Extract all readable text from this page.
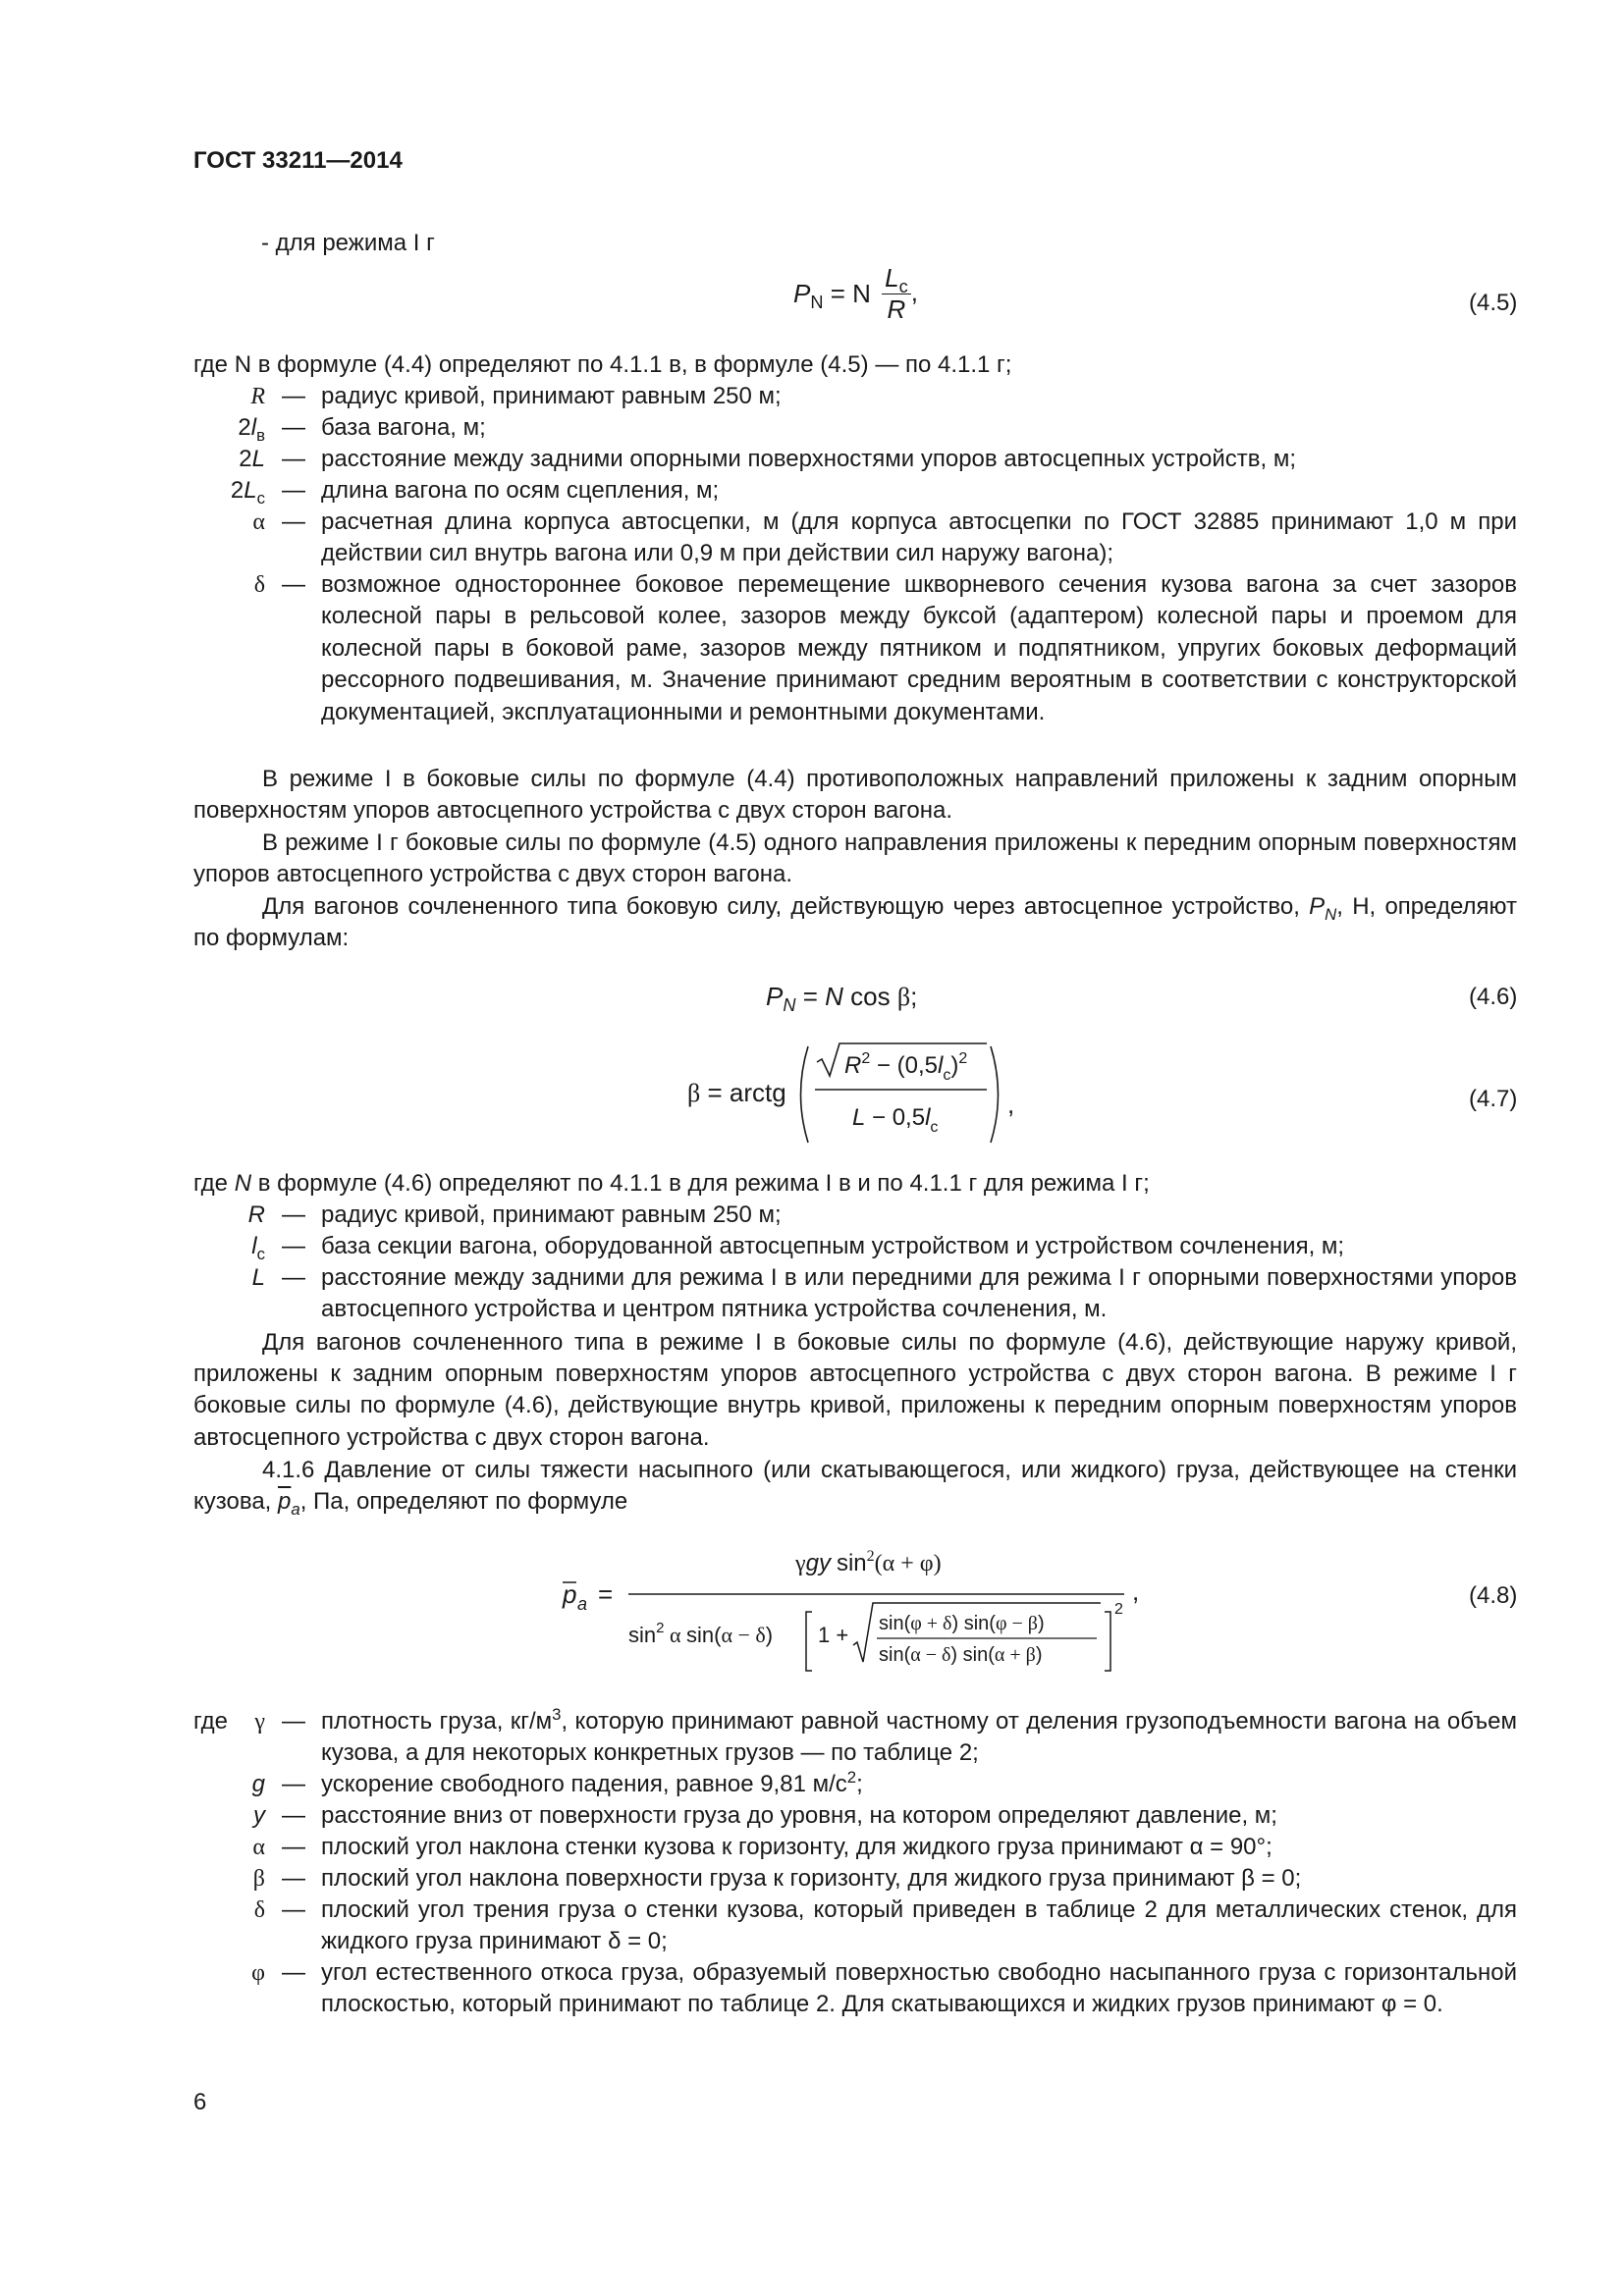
ГОСТ 33211—2014
- для режима I г
$P_N = N \frac{L_c}{R}$ ,	(4.5)
где N в формуле (4.4) определяют по 4.1.1 в, в формуле (4.5) — по 4.1.1 г;
R — радиус кривой, принимают равным 250 м;
$2l_в$ — база вагона, м;
2L — расстояние между задними опорными поверхностями упоров автосцепных устройств, м;
$2L_с$ — длина вагона по осям сцепления, м;
α — расчетная длина корпуса автосцепки, м (для корпуса автосцепки по ГОСТ 32885 принимают 1,0 м при действии сил внутрь вагона или 0,9 м при действии сил наружу вагона);
δ — возможное одностороннее боковое перемещение шкворневого сечения кузова вагона за счет зазоров колесной пары в рельсовой колее, зазоров между буксой (адаптером) колесной пары и проемом для колесной пары в боковой раме, зазоров между пятником и подпятником, упругих боковых деформаций рессорного подвешивания, м. Значение принимают средним вероятным в соответствии с конструкторской документацией, эксплуатационными и ремонтными документами.
В режиме I в боковые силы по формуле (4.4) противоположных направлений приложены к задним опорным поверхностям упоров автосцепного устройства с двух сторон вагона.
В режиме I г боковые силы по формуле (4.5) одного направления приложены к передним опорным поверхностям упоров автосцепного устройства с двух сторон вагона.
Для вагонов сочлененного типа боковую силу, действующую через автосцепное устройство, $P_N$, Н, определяют по формулам:
$P_N = N$ cos β;	(4.6)
β = arctg
$R^2 - (0,5l_с)^2$
$L - 0,5l_с$
,	(4.7)
где N в формуле (4.6) определяют по 4.1.1 в для режима I в и по 4.1.1 г для режима I г;
R — радиус кривой, принимают равным 250 м;
$l_с$ — база секции вагона, оборудованной автосцепным устройством и устройством сочленения, м;
L — расстояние между задними для режима I в или передними для режима I г опорными поверхностями упоров автосцепного устройства и центром пятника устройства сочленения, м.
Для вагонов сочлененного типа в режиме I в боковые силы по формуле (4.6), действующие наружу кривой, приложены к задним опорным поверхностям упоров автосцепного устройства с двух сторон вагона. В режиме I г боковые силы по формуле (4.6), действующие внутрь кривой, приложены к передним опорным поверхностям упоров автосцепного устройства с двух сторон вагона.
4.1.6 Давление от силы тяжести насыпного (или скатывающегося, или жидкого) груза, действующее на стенки кузова, $\overline{p}_a$, Па, определяют по формуле
p a =
γgy $\sin^2(\alpha + \varphi)$
$\sin^2 \alpha$ sin(α − δ) 1 + sin(φ + δ) sin(φ − β)
sin(α − δ) sin(α + β)
2
,	(4.8)
где	γ — плотность груза, $кг/м^3$, которую принимают равной частному от деления грузоподъемности вагона на объем кузова, а для некоторых конкретных грузов — по таблице 2;
g — ускорение свободного падения, равное 9,81 $м/с^2$;
y — расстояние вниз от поверхности груза до уровня, на котором определяют давление, м;
α — плоский угол наклона стенки кузова к горизонту, для жидкого груза принимают α = 90°;
β — плоский угол наклона поверхности груза к горизонту, для жидкого груза принимают β = 0;
δ — плоский угол трения груза о стенки кузова, который приведен в таблице 2 для металлических стенок, для жидкого груза принимают δ = 0;
φ — угол естественного откоса груза, образуемый поверхностью свободно насыпанного груза с горизонтальной плоскостью, который принимают по таблице 2. Для скатывающихся и жидких грузов принимают φ = 0.
6
